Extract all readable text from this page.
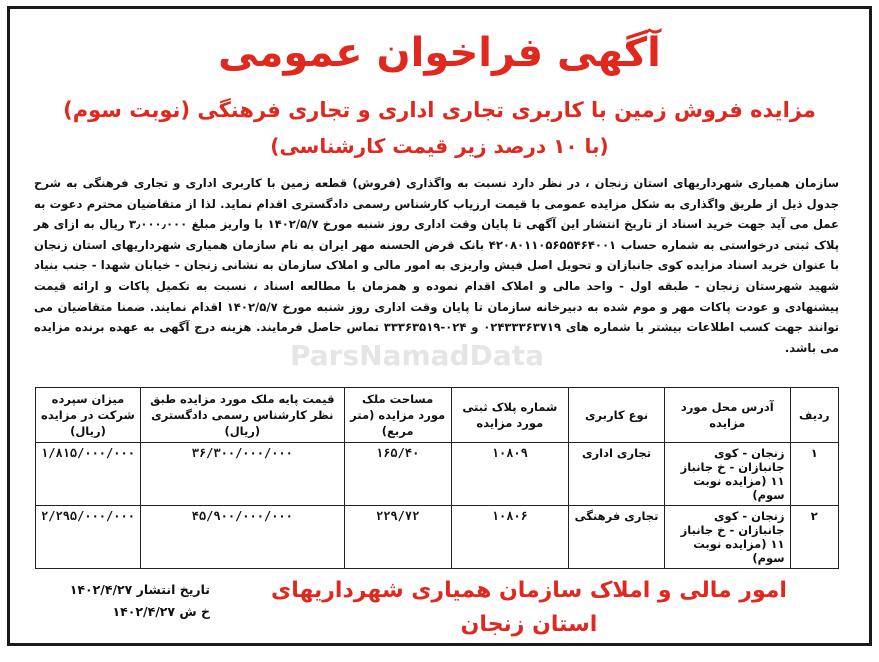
آگهی فراخوان عمومی
مزایده فروش زمین با کاربری تجاری اداری و تجاری فرهنگی (نوبت سوم)
(با ۱۰ درصد زیر قیمت کارشناسی)
سازمان همیاری شهرداریهای استان زنجان ، در نظر دارد نسبت به واگذاری (فروش) قطعه زمین با کاربری اداری و تجاری فرهنگی به شرح جدول ذیل از طریق واگذاری به شکل مزایده عمومی با قیمت ارزیاب کارشناس رسمی دادگستری اقدام نماید. لذا از متقاضیان محترم دعوت به عمل می آید جهت خرید اسناد از تاریخ انتشار این آگهی تا پایان وقت اداری روز شنبه مورخ ۱۴۰۲/۵/۷ با واریز مبلغ ۳٫۰۰۰٫۰۰۰ ریال به ازای هر پلاک ثبتی درخواستی به شماره حساب ۴۲۰۸۰۱۱۰۵۶۵۵۴۶۴۰۰۱ بانک قرض الحسنه مهر ایران به نام سازمان همیاری شهرداریهای استان زنجان با عنوان خرید اسناد مزایده کوی جانبازان و تحویل اصل فیش واریزی به امور مالی و املاک سازمان به نشانی زنجان - خیابان شهدا - جنب بنیاد شهید شهرستان زنجان - طبقه اول - واحد مالی و املاک اقدام نموده و همزمان با مطالعه اسناد ، نسبت به تکمیل پاکات و ارائه قیمت پیشنهادی و عودت پاکات مهر و موم شده به دبیرخانه سازمان تا پایان وقت اداری روز شنبه مورخ ۱۴۰۲/۵/۷ اقدام نمایند. ضمنا متقاضیان می توانند جهت کسب اطلاعات بیشتر با شماره های ۰۲۴۳۳۳۶۳۷۱۹ و ۰۲۴-۳۳۳۶۳۵۱۹ تماس حاصل فرمایند. هزینه درج آگهی به عهده برنده مزایده می باشد.
ParsNamadData
ردیف	آدرس محل مورد مزایده	نوع کاربری	شماره پلاک ثبتی مورد مزایده	مساحت ملک مورد مزایده (متر مربع)	قیمت پایه ملک مورد مزایده طبق نظر کارشناس رسمی دادگستری (ریال)	میزان سپرده شرکت در مزایده (ریال)
۱	زنجان - کوی جانبازان - خ جانباز ۱۱ (مزایده نوبت سوم)	تجاری اداری	۱۰۸۰۹	۱۶۵/۴۰	۳۶/۳۰۰/۰۰۰/۰۰۰	۱/۸۱۵/۰۰۰/۰۰۰
۲	زنجان - کوی جانبازان - خ جانباز ۱۱ (مزایده نوبت سوم)	تجاری فرهنگی	۱۰۸۰۶	۲۲۹/۷۲	۴۵/۹۰۰/۰۰۰/۰۰۰	۲/۲۹۵/۰۰۰/۰۰۰
تاریخ انتشار ۱۴۰۲/۴/۲۷
خ ش ۱۴۰۲/۴/۲۷
امور مالی و املاک سازمان همیاری شهرداریهای
استان زنجان
